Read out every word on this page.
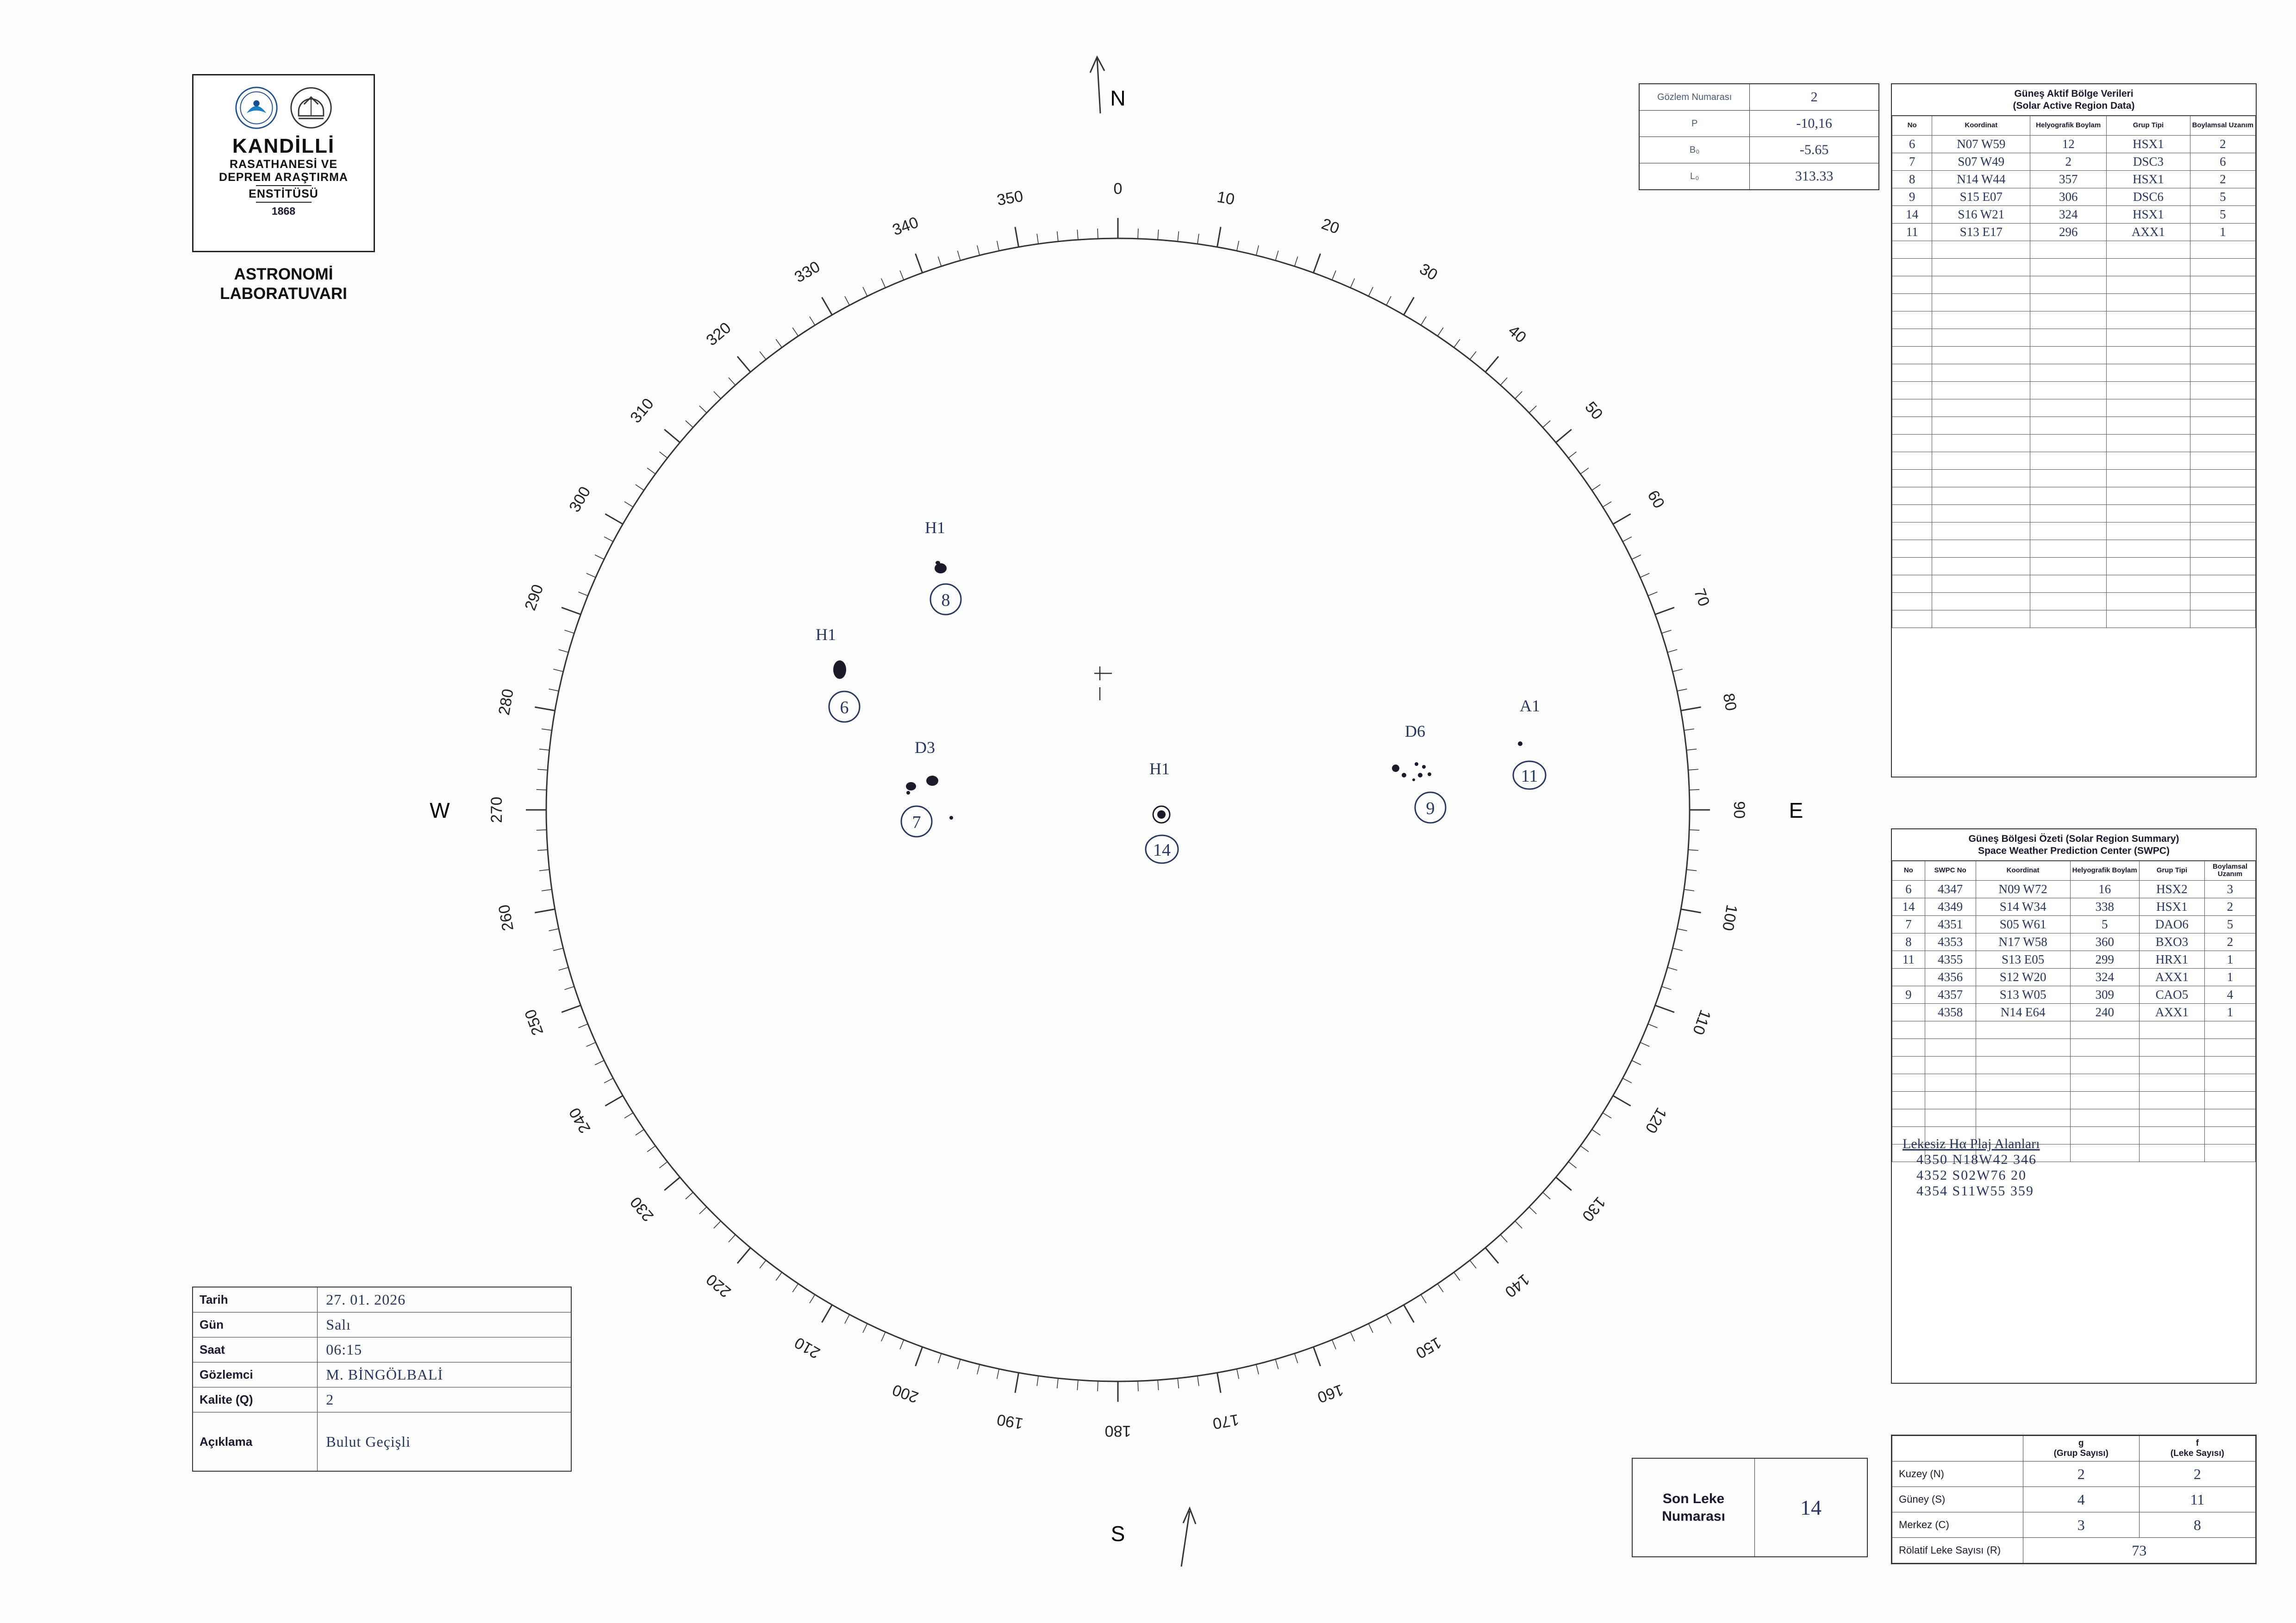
KANDİLLİ
RASATHANESİ VE
DEPREM ARAŞTIRMA
ENSTİTÜSÜ
1868
ASTRONOMİ
LABORATUVARI
0	10
20
30
40
50
60
70
80
90
100
110
120
130
140
150
160
170
180
190
200
210
220
230
240
250
260
270
280
290
300
310
320
330
340
350
N
S
E
W
H1
8
H1
6
D3
7
H1
14
D6
9
A1
11
Gözlem Numarası	2
P	-10,16
B₀	-5.65
L₀	313.33
Güneş Aktif Bölge Verileri
(Solar Active Region Data)
No	Koordinat	Helyografik Boylam	Grup Tipi	Boylamsal Uzanım
6	N07 W59	12	HSX1	2
7	S07 W49	2	DSC3	6
8	N14 W44	357	HSX1	2
9	S15 E07	306	DSC6	5
14	S16 W21	324	HSX1	5
11	S13 E17	296	AXX1	1

Güneş Bölgesi Özeti (Solar Region Summary)
Space Weather Prediction Center (SWPC)
No	SWPC No	Koordinat	Helyografik Boylam	Grup Tipi	Boylamsal Uzanım
6	4347	N09 W72	16	HSX2	3
14	4349	S14 W34	338	HSX1	2
7	4351	S05 W61	5	DAO6	5
8	4353	N17 W58	360	BXO3	2
11	4355	S13 E05	299	HRX1	1
	4356	S12 W20	324	AXX1	1
9	4357	S13 W05	309	CAO5	4
	4358	N14 E64	240	AXX1	1

Lekesiz Hα Plaj Alanları
4350 N18W42 346
4352 S02W76 20
4354 S11W55 359
Tarih	27. 01. 2026
Gün	Salı
Saat	06:15
Gözlemci	M. BİNGÖLBALİ
Kalite (Q)	2
Açıklama	Bulut Geçişli
Son Leke Numarası	14

g
(Grup Sayısı)

f
(Leke Sayısı)

Kuzey (N)	2	2
Güney (S)	4	11
Merkez (C)	3	8
Rölatif Leke Sayısı (R)	73	
